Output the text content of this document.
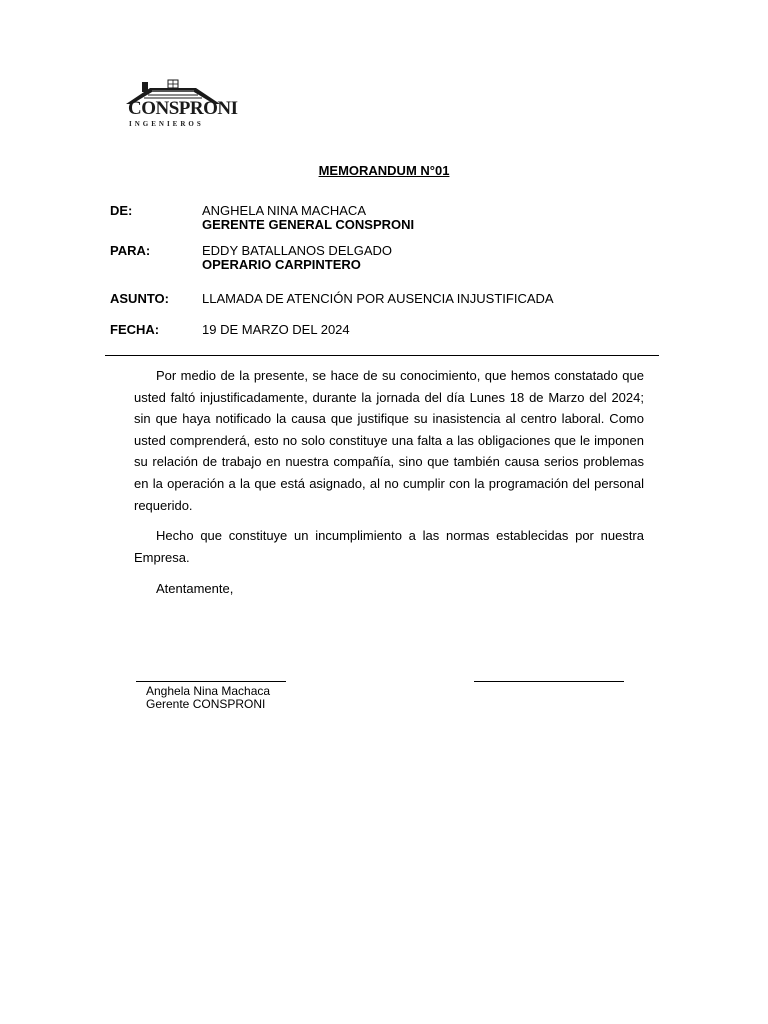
CONSPRONI
INGENIEROS
MEMORANDUM N°01
DE:	ANGHELA NINA MACHACA
GERENTE GENERAL CONSPRONI
PARA:	EDDY BATALLANOS DELGADO
OPERARIO CARPINTERO
ASUNTO:	LLAMADA DE ATENCIÓN POR AUSENCIA INJUSTIFICADA
FECHA:	19 DE MARZO DEL 2024

Por medio de la presente, se hace de su conocimiento, que hemos constatado que usted faltó injustificadamente, durante la jornada del día Lunes 18 de Marzo del 2024; sin que haya notificado la causa que justifique su inasistencia al centro laboral. Como usted comprenderá, esto no solo constituye una falta a las obligaciones que le imponen su relación de trabajo en nuestra compañía, sino que también causa serios problemas en la operación a la que está asignado, al no cumplir con la programación del personal requerido.

Hecho que constituye un incumplimiento a las normas establecidas por nuestra Empresa.

Atentamente,

Anghela Nina Machaca
Gerente CONSPRONI
